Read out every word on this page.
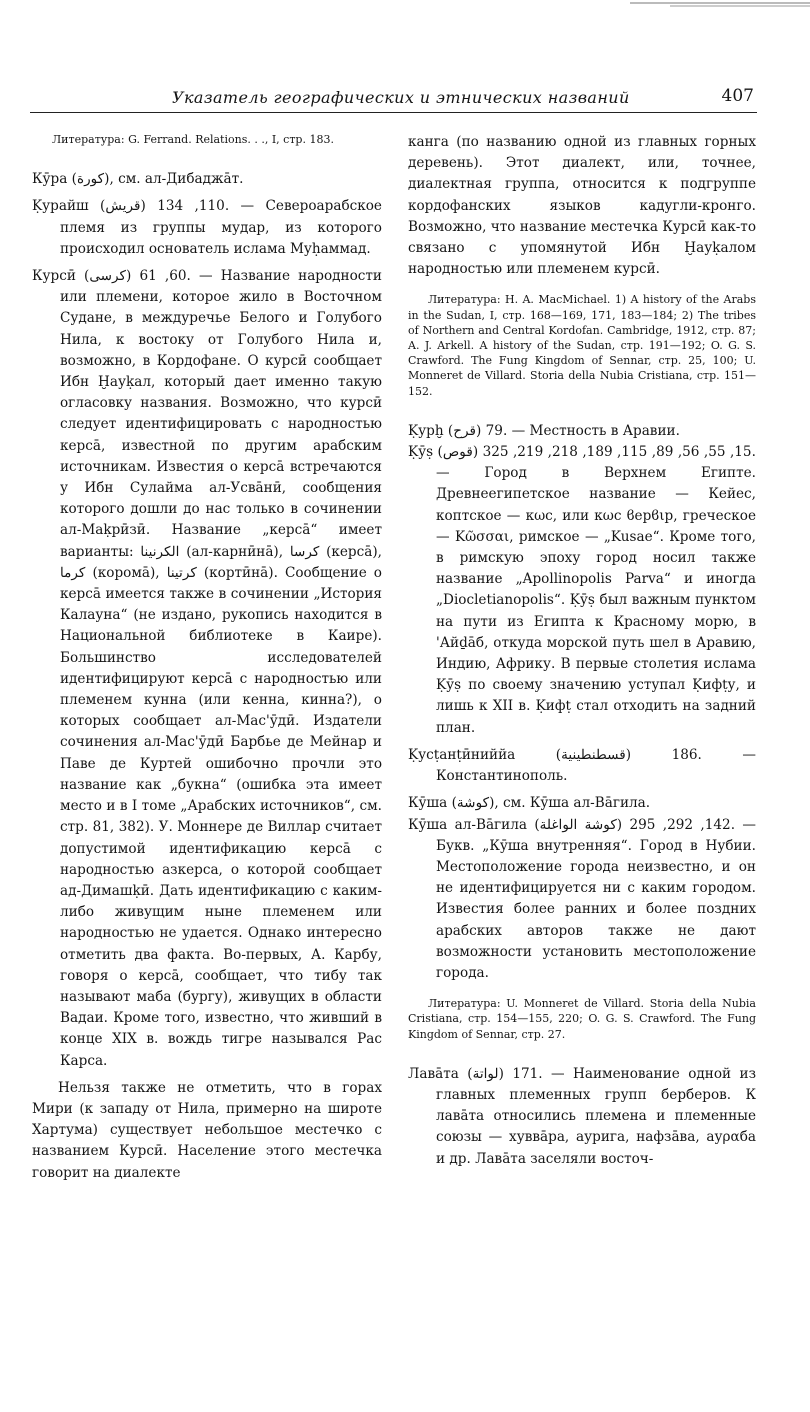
Указатель географических и этнических названий	407

Литература: G. Ferrand. Relations. . ., I, стр. 183.

Кӯра (كورة), см. ал-Дибаджāт.

Ḳурайш (قريش) 110, 134. — Североарабское племя из группы мудар, из которого происходил основатель ислама Муḥаммад.

Курсӣ (كرسى) 60, 61. — Название народности или племени, которое жило в Восточном Судане, в междуречье Белого и Голубого Нила, к востоку от Голубого Нила и, возможно, в Кордофане. О курсӣ сообщает Ибн Ḫауḳал, который дает именно такую огласовку названия. Возможно, что курсӣ следует идентифицировать с народностью керсā, известной по другим арабским источникам. Известия о керсā встречаются у Ибн Сулайма ал-Усвāнӣ, сообщения которого дошли до нас только в сочинении ал-Маḳрӣзӣ. Название „керсā“ имеет варианты: الكرنينا (ал-карнӣнā), كرسا (керсā), كرما (коромā), كرتينا (кортӣнā). Сообщение о керсā имеется также в сочинении „История Калауна“ (не издано, рукопись находится в Национальной библиотеке в Каире). Большинство исследователей идентифицируют керсā с народностью или племенем кунна (или кенна, кинна?), о которых сообщает ал-Мас'ӯдӣ. Издатели сочинения ал-Мас'ӯдӣ Барбье де Мейнар и Паве де Куртей ошибочно прочли это название как „букна“ (ошибка эта имеет место и в I томе „Арабских источников“, см. стр. 81, 382). У. Моннере де Виллар считает допустимой идентификацию керсā с народностью азкерса, о которой сообщает ад-Димашḳӣ. Дать идентификацию с каким-либо живущим ныне племенем или народностью не удается. Однако интересно отметить два факта. Во-первых, А. Карбу, говоря о керсā, сообщает, что тибу так называют маба (бургу), живущих в области Вадаи. Кроме того, известно, что живший в конце XIX в. вождь тигре назывался Рас Карса.

Нельзя также не отметить, что в горах Мири (к западу от Нила, примерно на широте Хартума) существует небольшое местечко с названием Курсӣ. Население этого местечка говорит на диалекте

канга (по названию одной из главных горных деревень). Этот диалект, или, точнее, диалектная группа, относится к подгруппе кордофанских языков кадугли-кронго. Возможно, что название местечка Курсӣ как-то связано с упомянутой Ибн Ḫауḳалом народностью или племенем курсӣ.

Литература: H. A. MacMichael. 1) A history of the Arabs in the Sudan, I, стр. 168—169, 171, 183—184; 2) The tribes of Northern and Central Kordofan. Cambridge, 1912, стр. 87; A. J. Arkell. A history of the Sudan, стр. 191—192; O. G. S. Crawford. The Fung Kingdom of Sennar, стр. 25, 100; U. Monneret de Villard. Storia della Nubia Cristiana, стр. 151—152.

Ḳурḫ (قرح) 79. — Местность в Аравии.

Ḳӯṣ (قوص) 15, 55, 56, 89, 115, 189, 218, 219, 325. — Город в Верхнем Египте. Древнеегипетское название — Кейес, коптское — кωс, или кωс ϐерϐιр, греческое — Κῶσσαι, римское — „Kusae“. Кроме того, в римскую эпоху город носил также название „Apollinopolis Parva“ и иногда „Diocletianopolis“. Ḳӯṣ был важным пунктом на пути из Египта к Красному морю, в 'Айḏāб, откуда морской путь шел в Аравию, Индию, Африку. В первые столетия ислама Ḳӯṣ по своему значению уступал Ḳифṭу, и лишь к XII в. Ḳифṭ стал отходить на задний план.

Ḳусṭанṭӣниййа (قسطنطينية) 186. — Константинополь.

Кӯша (كوشة), см. Кӯша ал-Вāгила.

Кӯша ал-Вāгила (كوشة الواغلة) 142, 292, 295. — Букв. „Кӯша внутренняя“. Город в Нубии. Местоположение города неизвестно, и он не идентифицируется ни с каким городом. Известия более ранних и более поздних арабских авторов также не дают возможности установить местоположение города.

Литература: U. Monneret de Villard. Storia della Nubia Cristiana, стр. 154—155, 220; O. G. S. Crawford. The Fung Kingdom of Sennar, стр. 27.

Лавāта (لواتة) 171. — Наименование одной из главных племенных групп берберов. К лавāта относились племена и племенные союзы — хуввāра, аурига, нафзāва, ауραба и др. Лавāта заселяли восточ-
